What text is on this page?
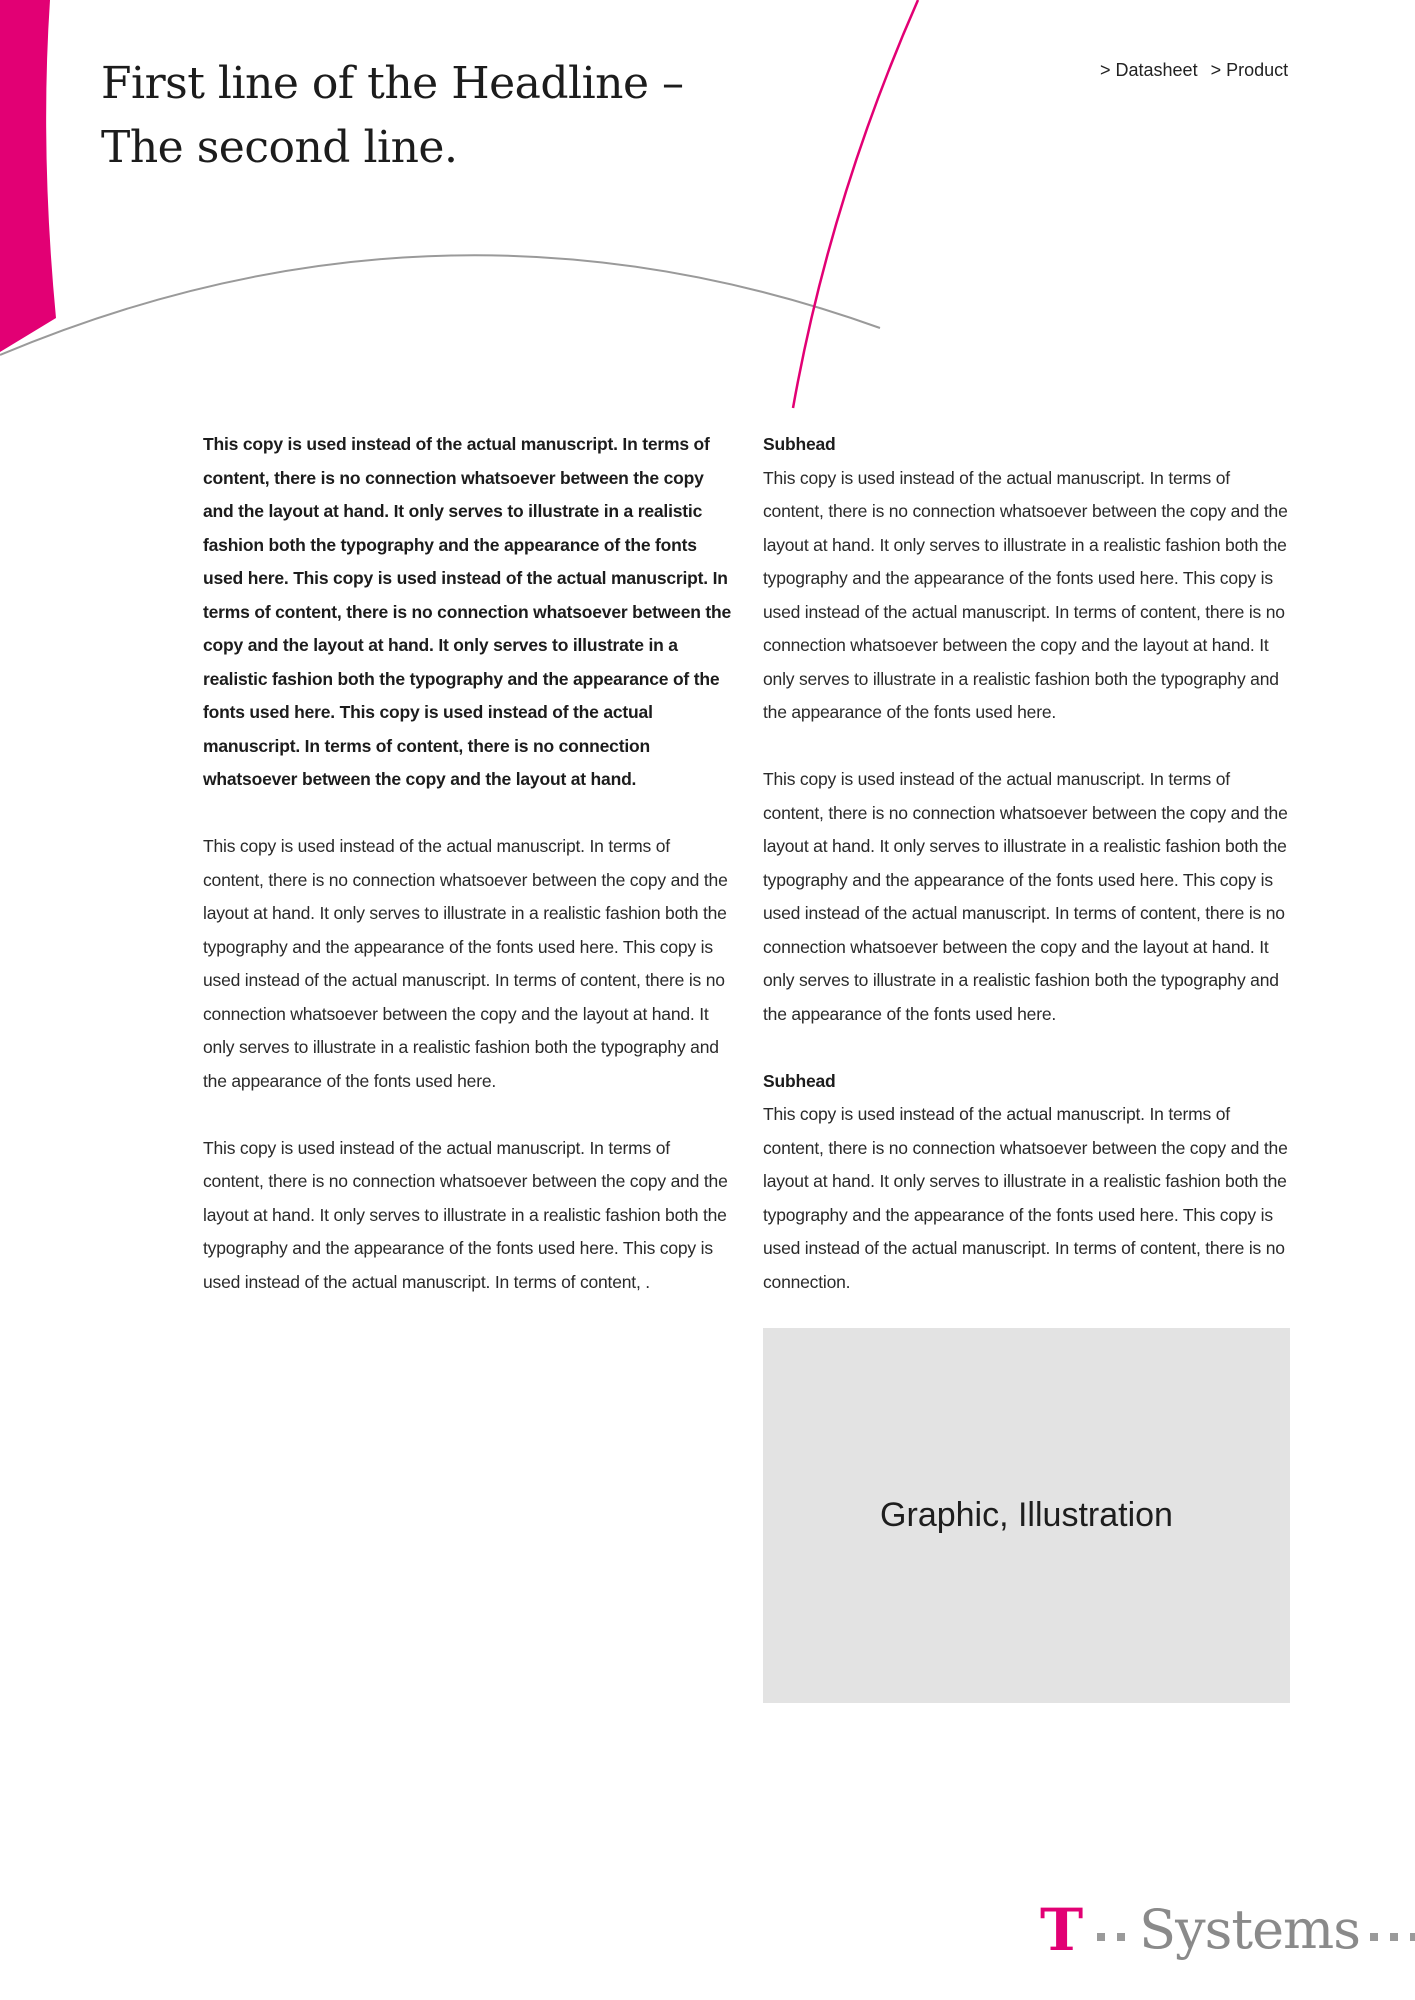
First line of the Headline –
The second line.
> Datasheet > Product

This copy is used instead of the actual manuscript. In terms of content, there is no connection whatsoever between the copy and the layout at hand. It only serves to illustrate in a realistic fashion both the typography and the appearance of the fonts used here. This copy is used instead of the actual manuscript. In terms of content, there is no connection whatsoever between the copy and the layout at hand. It only serves to illustrate in a realistic fashion both the typography and the appearance of the fonts used here. This copy is used instead of the actual manuscript. In terms of content, there is no connection whatsoever between the copy and the layout at hand.

This copy is used instead of the actual manuscript. In terms of content, there is no connection whatsoever between the copy and the layout at hand. It only serves to illustrate in a realistic fashion both the typography and the appearance of the fonts used here. This copy is used instead of the actual manuscript. In terms of content, there is no connection whatsoever between the copy and the layout at hand. It only serves to illustrate in a realistic fashion both the typography and the appearance of the fonts used here.

This copy is used instead of the actual manuscript. In terms of content, there is no connection whatsoever between the copy and the layout at hand. It only serves to illustrate in a realistic fashion both the typography and the appearance of the fonts used here. This copy is used instead of the actual manuscript. In terms of content, .

Subhead

This copy is used instead of the actual manuscript. In terms of content, there is no connection whatsoever between the copy and the layout at hand. It only serves to illustrate in a realistic fashion both the typography and the appearance of the fonts used here. This copy is used instead of the actual manuscript. In terms of content, there is no connection whatsoever between the copy and the layout at hand. It only serves to illustrate in a realistic fashion both the typography and the appearance of the fonts used here.

This copy is used instead of the actual manuscript. In terms of content, there is no connection whatsoever between the copy and the layout at hand. It only serves to illustrate in a realistic fashion both the typography and the appearance of the fonts used here. This copy is used instead of the actual manuscript. In terms of content, there is no connection whatsoever between the copy and the layout at hand. It only serves to illustrate in a realistic fashion both the typography and the appearance of the fonts used here.

Subhead

This copy is used instead of the actual manuscript. In terms of content, there is no connection whatsoever between the copy and the layout at hand. It only serves to illustrate in a realistic fashion both the typography and the appearance of the fonts used here. This copy is used instead of the actual manuscript. In terms of content, there is no connection.

Graphic, Illustration
T Systems
